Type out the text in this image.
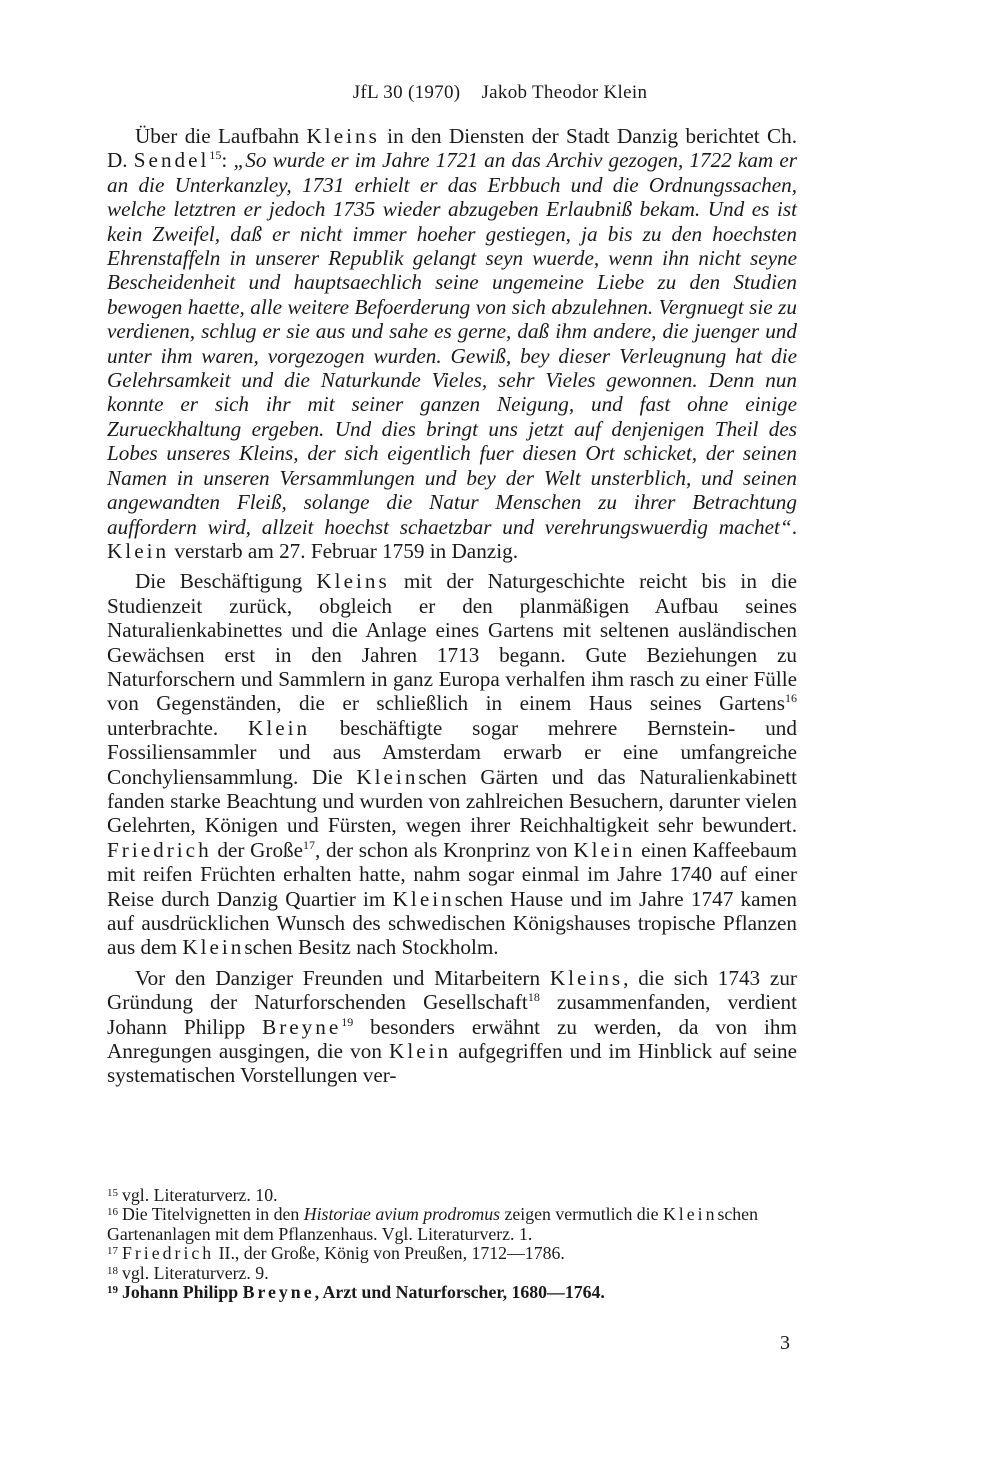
JfL 30 (1970) Jakob Theodor Klein

Über die Laufbahn Kleins in den Diensten der Stadt Danzig berichtet Ch. D. Sendel$^{15}$: „So wurde er im Jahre 1721 an das Archiv gezogen, 1722 kam er an die Unterkanzley, 1731 erhielt er das Erbbuch und die Ordnungssachen, welche letztren er jedoch 1735 wieder abzugeben Erlaubniß bekam. Und es ist kein Zweifel, daß er nicht immer hoeher gestiegen, ja bis zu den hoechsten Ehrenstaffeln in unserer Republik gelangt seyn wuerde, wenn ihn nicht seyne Bescheidenheit und hauptsaechlich seine ungemeine Liebe zu den Studien bewogen haette, alle weitere Befoerderung von sich abzulehnen. Vergnuegt sie zu verdienen, schlug er sie aus und sahe es gerne, daß ihm andere, die juenger und unter ihm waren, vorgezogen wurden. Gewiß, bey dieser Verleugnung hat die Gelehrsamkeit und die Naturkunde Vieles, sehr Vieles gewonnen. Denn nun konnte er sich ihr mit seiner ganzen Neigung, und fast ohne einige Zurueckhaltung ergeben. Und dies bringt uns jetzt auf denjenigen Theil des Lobes unseres Kleins, der sich eigentlich fuer diesen Ort schicket, der seinen Namen in unseren Versammlungen und bey der Welt unsterblich, und seinen angewandten Fleiß, solange die Natur Menschen zu ihrer Betrachtung auffordern wird, allzeit hoechst schaetzbar und verehrungswuerdig machet“. Klein verstarb am 27. Februar 1759 in Danzig.

Die Beschäftigung Kleins mit der Naturgeschichte reicht bis in die Studienzeit zurück, obgleich er den planmäßigen Aufbau seines Naturalienkabinettes und die Anlage eines Gartens mit seltenen ausländischen Gewächsen erst in den Jahren 1713 begann. Gute Beziehungen zu Naturforschern und Sammlern in ganz Europa verhalfen ihm rasch zu einer Fülle von Gegenständen, die er schließlich in einem Haus seines Gartens$^{16}$ unterbrachte. Klein beschäftigte sogar mehrere Bernstein- und Fossiliensammler und aus Amsterdam erwarb er eine umfangreiche Conchyliensammlung. Die Kleinschen Gärten und das Naturalienkabinett fanden starke Beachtung und wurden von zahlreichen Besuchern, darunter vielen Gelehrten, Königen und Fürsten, wegen ihrer Reichhaltigkeit sehr bewundert. Friedrich der Große$^{17}$, der schon als Kronprinz von Klein einen Kaffeebaum mit reifen Früchten erhalten hatte, nahm sogar einmal im Jahre 1740 auf einer Reise durch Danzig Quartier im Kleinschen Hause und im Jahre 1747 kamen auf ausdrücklichen Wunsch des schwedischen Königshauses tropische Pflanzen aus dem Kleinschen Besitz nach Stockholm.

Vor den Danziger Freunden und Mitarbeitern Kleins, die sich 1743 zur Gründung der Naturforschenden Gesellschaft$^{18}$ zusammenfanden, verdient Johann Philipp Breyne$^{19}$ besonders erwähnt zu werden, da von ihm Anregungen ausgingen, die von Klein aufgegriffen und im Hinblick auf seine systematischen Vorstellungen ver-

$^{15}$ vgl. Literaturverz. 10.

$^{16}$ Die Titelvignetten in den Historiae avium prodromus zeigen vermutlich die Kleinschen Gartenanlagen mit dem Pflanzenhaus. Vgl. Literaturverz. 1.

$^{17}$ Friedrich II., der Große, König von Preußen, 1712—1786.

$^{18}$ vgl. Literaturverz. 9.

$^{19}$ Johann Philipp Breyne, Arzt und Naturforscher, 1680—1764.

3
